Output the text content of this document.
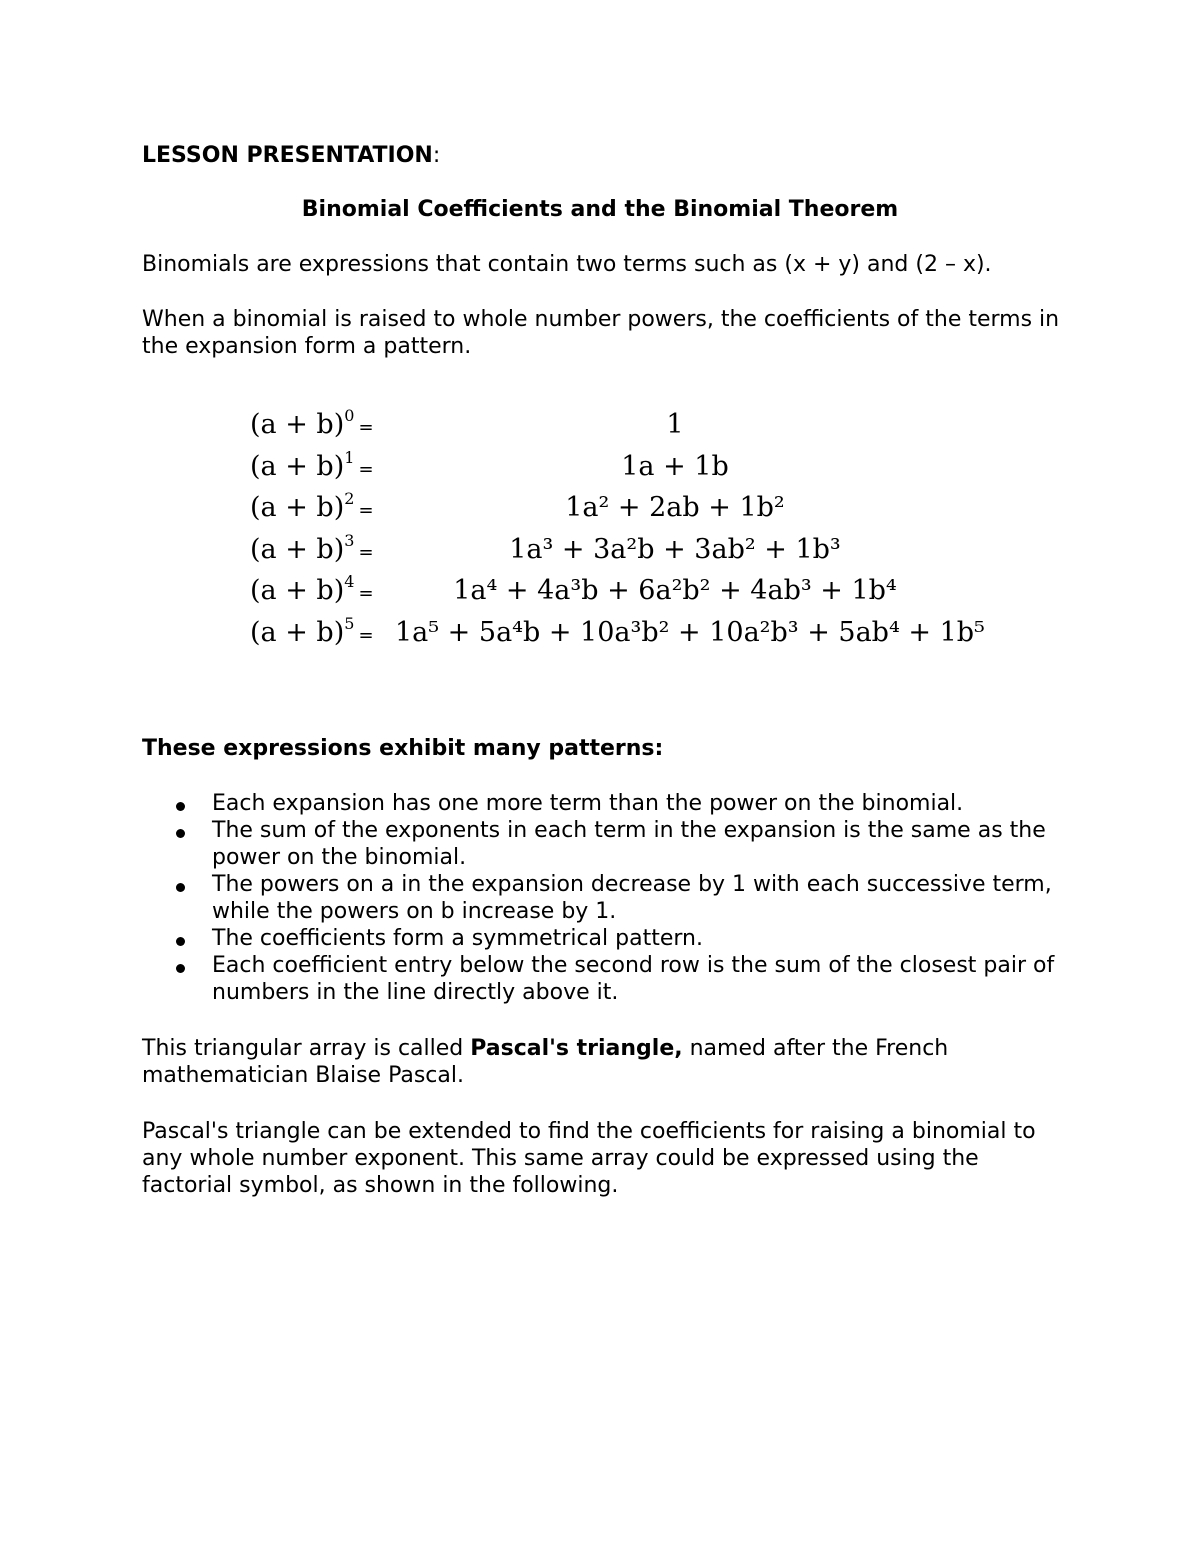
LESSON PRESENTATION:

Binomial Coefficients and the Binomial Theorem

Binomials are expressions that contain two terms such as (x + y) and (2 – x).

When a binomial is raised to whole number powers, the coefficients of the terms in the expansion form a pattern.

$(a + b)^0=$	1
$(a + b)^1=$	1a + 1b
$(a + b)^2=$	1a² + 2ab + 1b²
$(a + b)^3=$	1a³ + 3a²b + 3ab² + 1b³
$(a + b)^4=$	1a⁴ + 4a³b + 6a²b² + 4ab³ + 1b⁴
$(a + b)^5= 1a^5 + 5a^4b + 10a^3b^2 + 10a^2b^3 + 5ab^4 + 1b^5$

These expressions exhibit many patterns:

Each expansion has one more term than the power on the binomial.
The sum of the exponents in each term in the expansion is the same as the power on the binomial.
The powers on a in the expansion decrease by 1 with each successive term, while the powers on b increase by 1.
The coefficients form a symmetrical pattern.
Each coefficient entry below the second row is the sum of the closest pair of numbers in the line directly above it.

This triangular array is called Pascal's triangle, named after the French mathematician Blaise Pascal.

Pascal's triangle can be extended to find the coefficients for raising a binomial to any whole number exponent. This same array could be expressed using the factorial symbol, as shown in the following.
